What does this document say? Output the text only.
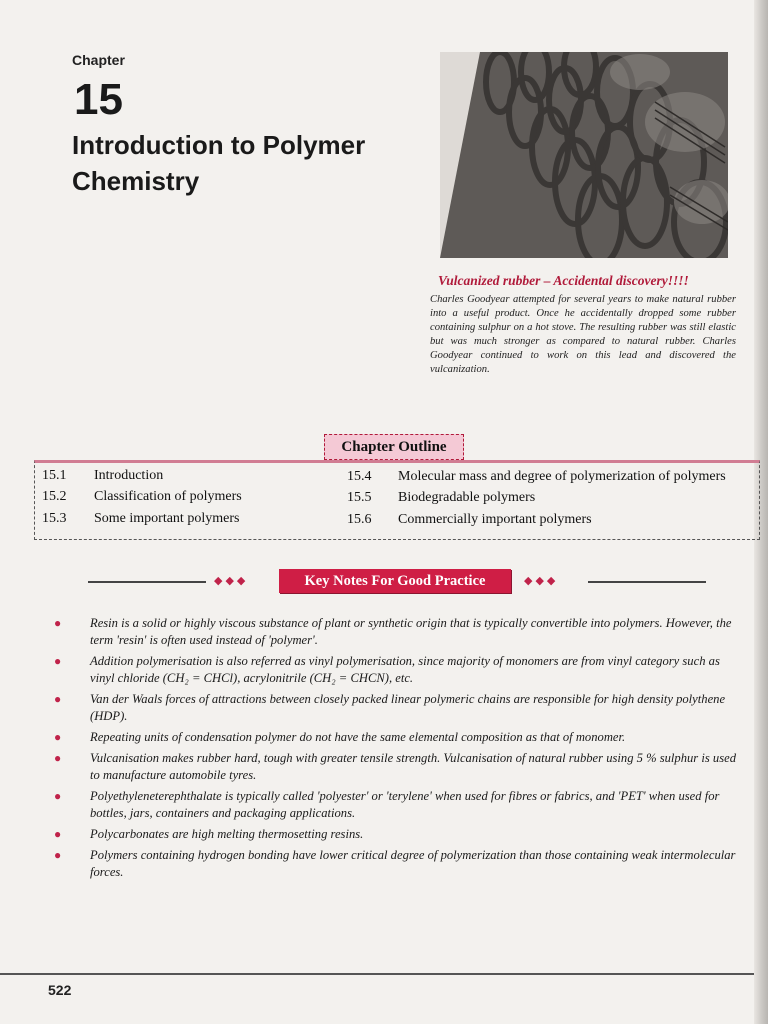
Chapter
15
Introduction to Polymer Chemistry
Vulcanized rubber – Accidental discovery!!!!
Charles Goodyear attempted for several years to make natural rubber into a useful product. Once he accidentally dropped some rubber containing sulphur on a hot stove. The resulting rubber was still elastic but was much stronger as compared to natural rubber. Charles Goodyear continued to work on this lead and discovered the vulcanization.
Chapter Outline
15.1 Introduction
15.2 Classification of polymers
15.3 Some important polymers
15.4 Molecular mass and degree of polymerization of polymers
15.5 Biodegradable polymers
15.6 Commercially important polymers
◆◆◆	Key Notes For Good Practice	◆◆◆
● Resin is a solid or highly viscous substance of plant or synthetic origin that is typically convertible into polymers. However, the term 'resin' is often used instead of 'polymer'.
● Addition polymerisation is also referred as vinyl polymerisation, since majority of monomers are from vinyl category such as vinyl chloride (CH₂ = CHCl), acrylonitrile (CH₂ = CHCN), etc.
● Van der Waals forces of attractions between closely packed linear polymeric chains are responsible for high density polythene (HDP).
● Repeating units of condensation polymer do not have the same elemental composition as that of monomer.
● Vulcanisation makes rubber hard, tough with greater tensile strength. Vulcanisation of natural rubber using 5 % sulphur is used to manufacture automobile tyres.
● Polyethyleneterephthalate is typically called 'polyester' or 'terylene' when used for fibres or fabrics, and 'PET' when used for bottles, jars, containers and packaging applications.
● Polycarbonates are high melting thermosetting resins.
● Polymers containing hydrogen bonding have lower critical degree of polymerization than those containing weak intermolecular forces.
522
